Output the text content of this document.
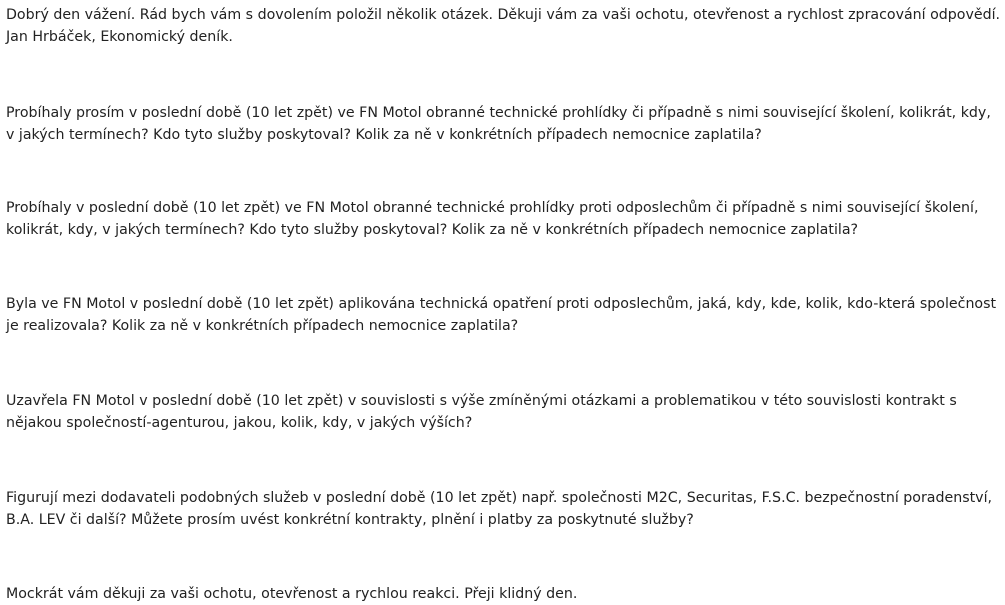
Dobrý den vážení. Rád bych vám s dovolením položil několik otázek. Děkuji vám za vaši ochotu, otevřenost a rychlost zpracování odpovědí. Jan Hrbáček, Ekonomický deník.

Probíhaly prosím v poslední době (10 let zpět) ve FN Motol obranné technické prohlídky či případně s nimi související školení, kolikrát, kdy, v jakých termínech? Kdo tyto služby poskytoval? Kolik za ně v konkrétních případech nemocnice zaplatila?

Probíhaly v poslední době (10 let zpět) ve FN Motol obranné technické prohlídky proti odposlechům či případně s nimi související školení, kolikrát, kdy, v jakých termínech? Kdo tyto služby poskytoval? Kolik za ně v konkrétních případech nemocnice zaplatila?

Byla ve FN Motol v poslední době (10 let zpět) aplikována technická opatření proti odposlechům, jaká, kdy, kde, kolik, kdo-která společnost je realizovala? Kolik za ně v konkrétních případech nemocnice zaplatila?

Uzavřela FN Motol v poslední době (10 let zpět) v souvislosti s výše zmíněnými otázkami a problematikou v této souvislosti kontrakt s nějakou společností-agenturou, jakou, kolik, kdy, v jakých výších?

Figurují mezi dodavateli podobných služeb v poslední době (10 let zpět) např. společnosti M2C, Securitas, F.S.C. bezpečnostní poradenství, B.A. LEV či další? Můžete prosím uvést konkrétní kontrakty, plnění i platby za poskytnuté služby?

Mockrát vám děkuji za vaši ochotu, otevřenost a rychlou reakci. Přeji klidný den.
